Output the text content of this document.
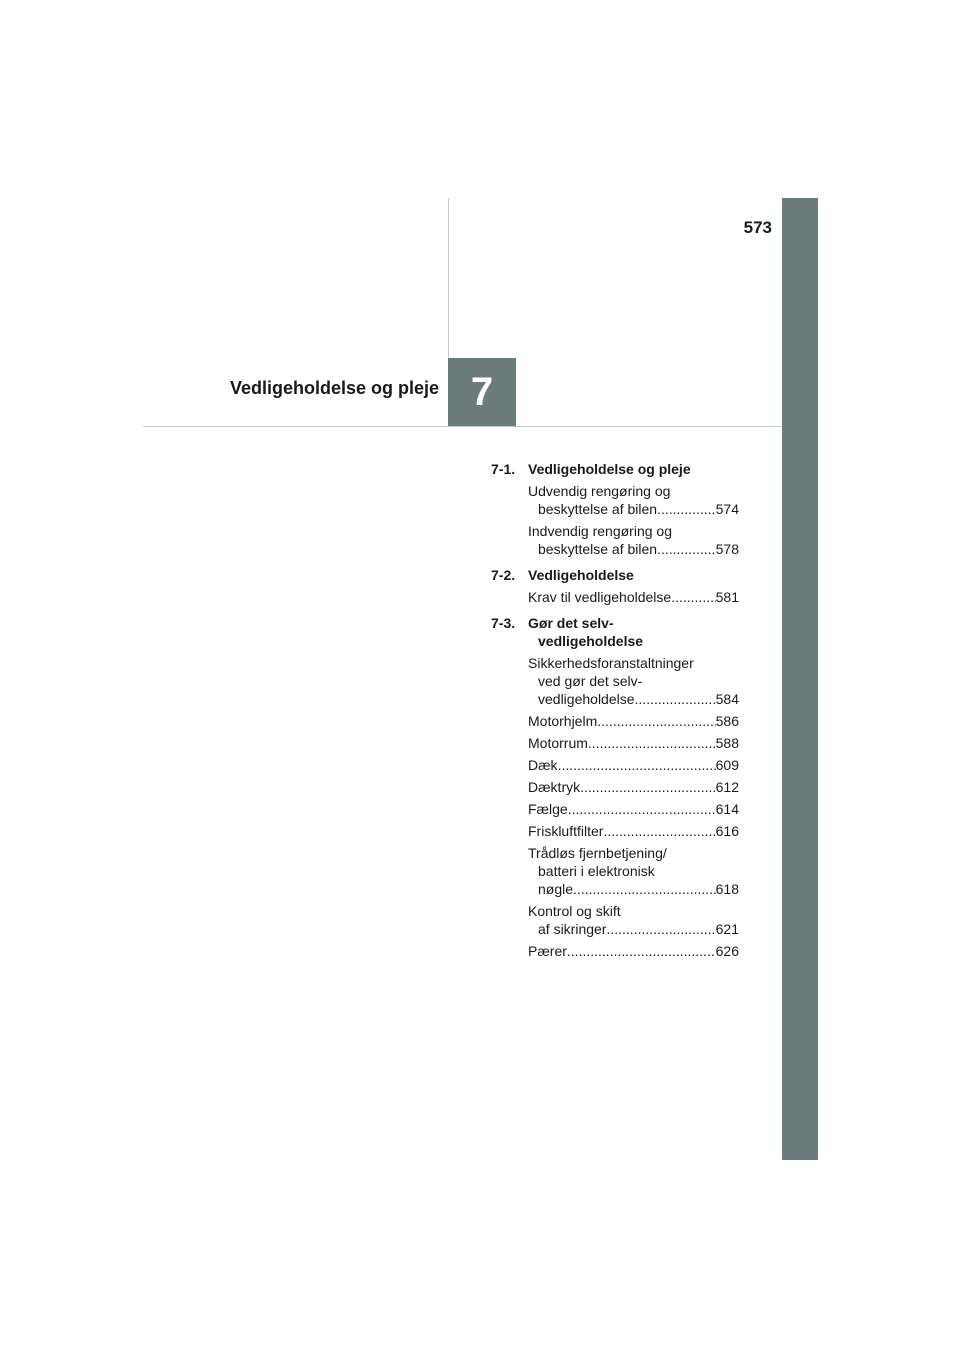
573
7
Vedligeholdelse og pleje
7-1. Vedligeholdelse og pleje
Udvendig rengøring og
beskyttelse af bilen .....	574
Indvendig rengøring og
beskyttelse af bilen .....	578
7-2. Vedligeholdelse
Krav til vedligeholdelse .....	581
7-3. Gør det selv-
vedligeholdelse
Sikkerhedsforanstaltninger
ved gør det selv-
vedligeholdelse .....	584
Motorhjelm .....	586
Motorrum .....	588
Dæk .....	609
Dæktryk .....	612
Fælge .....	614
Friskluftfilter .....	616
Trådløs fjernbetjening/
batteri i elektronisk
nøgle .....	618
Kontrol og skift
af sikringer .....	621
Pærer .....	626
